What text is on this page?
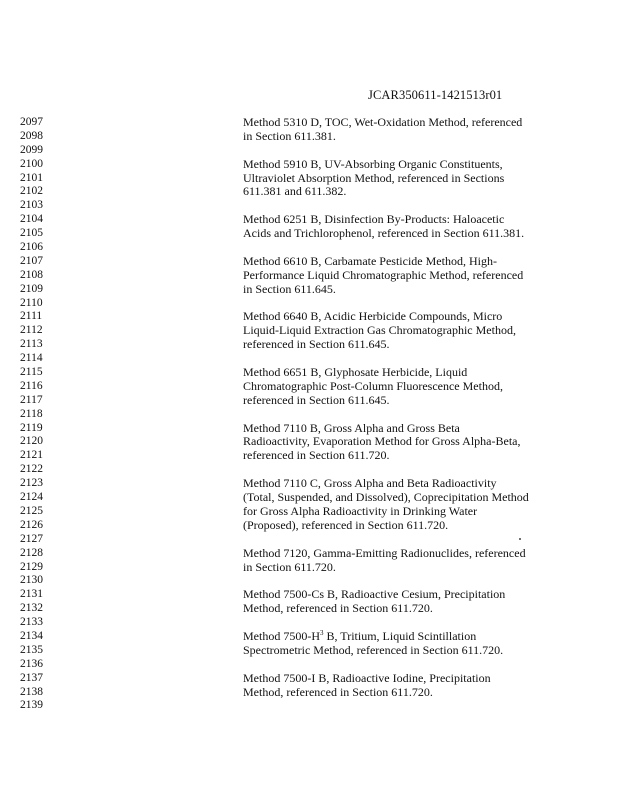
JCAR350611-1421513r01
2097
2098
2099
2100
2101
2102
2103
2104
2105
2106
2107
2108
2109
2110
2111
2112
2113
2114
2115
2116
2117
2118
2119
2120
2121
2122
2123
2124
2125
2126
2127
2128
2129
2130
2131
2132
2133
2134
2135
2136
2137
2138
2139
Method 5310 D, TOC, Wet-Oxidation Method, referenced
in Section 611.381.
Method 5910 B, UV-Absorbing Organic Constituents,
Ultraviolet Absorption Method, referenced in Sections
611.381 and 611.382.
Method 6251 B, Disinfection By-Products: Haloacetic
Acids and Trichlorophenol, referenced in Section 611.381.
Method 6610 B, Carbamate Pesticide Method, High-
Performance Liquid Chromatographic Method, referenced
in Section 611.645.
Method 6640 B, Acidic Herbicide Compounds, Micro
Liquid-Liquid Extraction Gas Chromatographic Method,
referenced in Section 611.645.
Method 6651 B, Glyphosate Herbicide, Liquid
Chromatographic Post-Column Fluorescence Method,
referenced in Section 611.645.
Method 7110 B, Gross Alpha and Gross Beta
Radioactivity, Evaporation Method for Gross Alpha-Beta,
referenced in Section 611.720.
Method 7110 C, Gross Alpha and Beta Radioactivity
(Total, Suspended, and Dissolved), Coprecipitation Method
for Gross Alpha Radioactivity in Drinking Water
(Proposed), referenced in Section 611.720.
Method 7120, Gamma-Emitting Radionuclides, referenced
in Section 611.720.
Method 7500-Cs B, Radioactive Cesium, Precipitation
Method, referenced in Section 611.720.
Method $7500-H^3$ B, Tritium, Liquid Scintillation
Spectrometric Method, referenced in Section 611.720.
Method 7500-I B, Radioactive Iodine, Precipitation
Method, referenced in Section 611.720.
